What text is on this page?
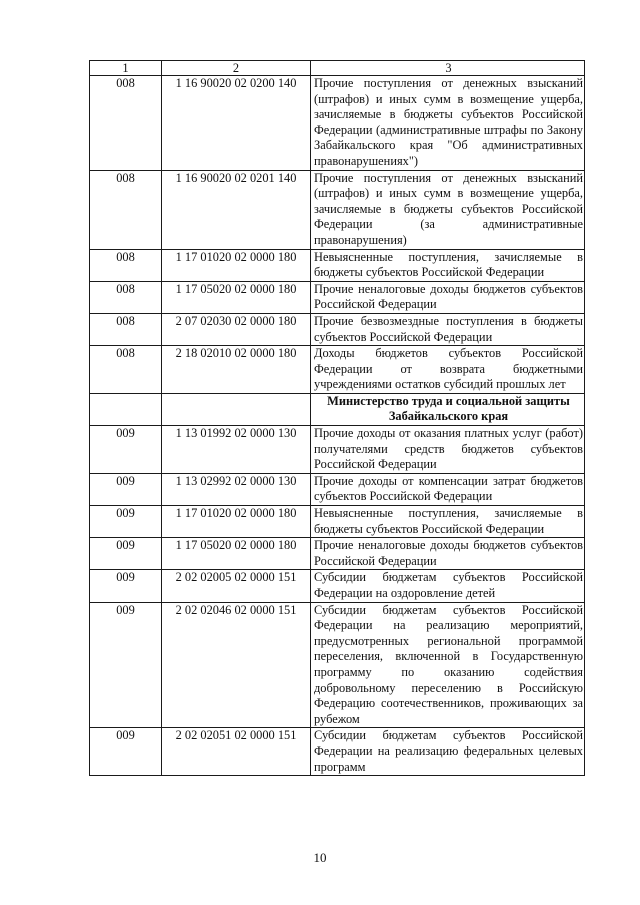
1	2	3
008	1 16 90020 02 0200 140	Прочие поступления от денежных взысканий (штрафов) и иных сумм в возмещение ущерба, зачисляемые в бюджеты субъектов Российской Федерации (административные штрафы по Закону Забайкальского края "Об административных правонарушениях")
008	1 16 90020 02 0201 140	Прочие поступления от денежных взысканий (штрафов) и иных сумм в возмещение ущерба, зачисляемые в бюджеты субъектов Российской Федерации (за административные правонарушения)
008	1 17 01020 02 0000 180	Невыясненные поступления, зачисляемые в бюджеты субъектов Российской Федерации
008	1 17 05020 02 0000 180	Прочие неналоговые доходы бюджетов субъектов Российской Федерации
008	2 07 02030 02 0000 180	Прочие безвозмездные поступления в бюджеты субъектов Российской Федерации
008	2 18 02010 02 0000 180	Доходы бюджетов субъектов Российской Федерации от возврата бюджетными учреждениями остатков субсидий прошлых лет
		Министерство труда и социальной защиты Забайкальского края
009	1 13 01992 02 0000 130	Прочие доходы от оказания платных услуг (работ) получателями средств бюджетов субъектов Российской Федерации
009	1 13 02992 02 0000 130	Прочие доходы от компенсации затрат бюджетов субъектов Российской Федерации
009	1 17 01020 02 0000 180	Невыясненные поступления, зачисляемые в бюджеты субъектов Российской Федерации
009	1 17 05020 02 0000 180	Прочие неналоговые доходы бюджетов субъектов Российской Федерации
009	2 02 02005 02 0000 151	Субсидии бюджетам субъектов Российской Федерации на оздоровление детей
009	2 02 02046 02 0000 151	Субсидии бюджетам субъектов Российской Федерации на реализацию мероприятий, предусмотренных региональной программой переселения, включенной в Государственную программу по оказанию содействия добровольному переселению в Российскую Федерацию соотечественников, проживающих за рубежом
009	2 02 02051 02 0000 151	Субсидии бюджетам субъектов Российской Федерации на реализацию федеральных целевых программ
10
